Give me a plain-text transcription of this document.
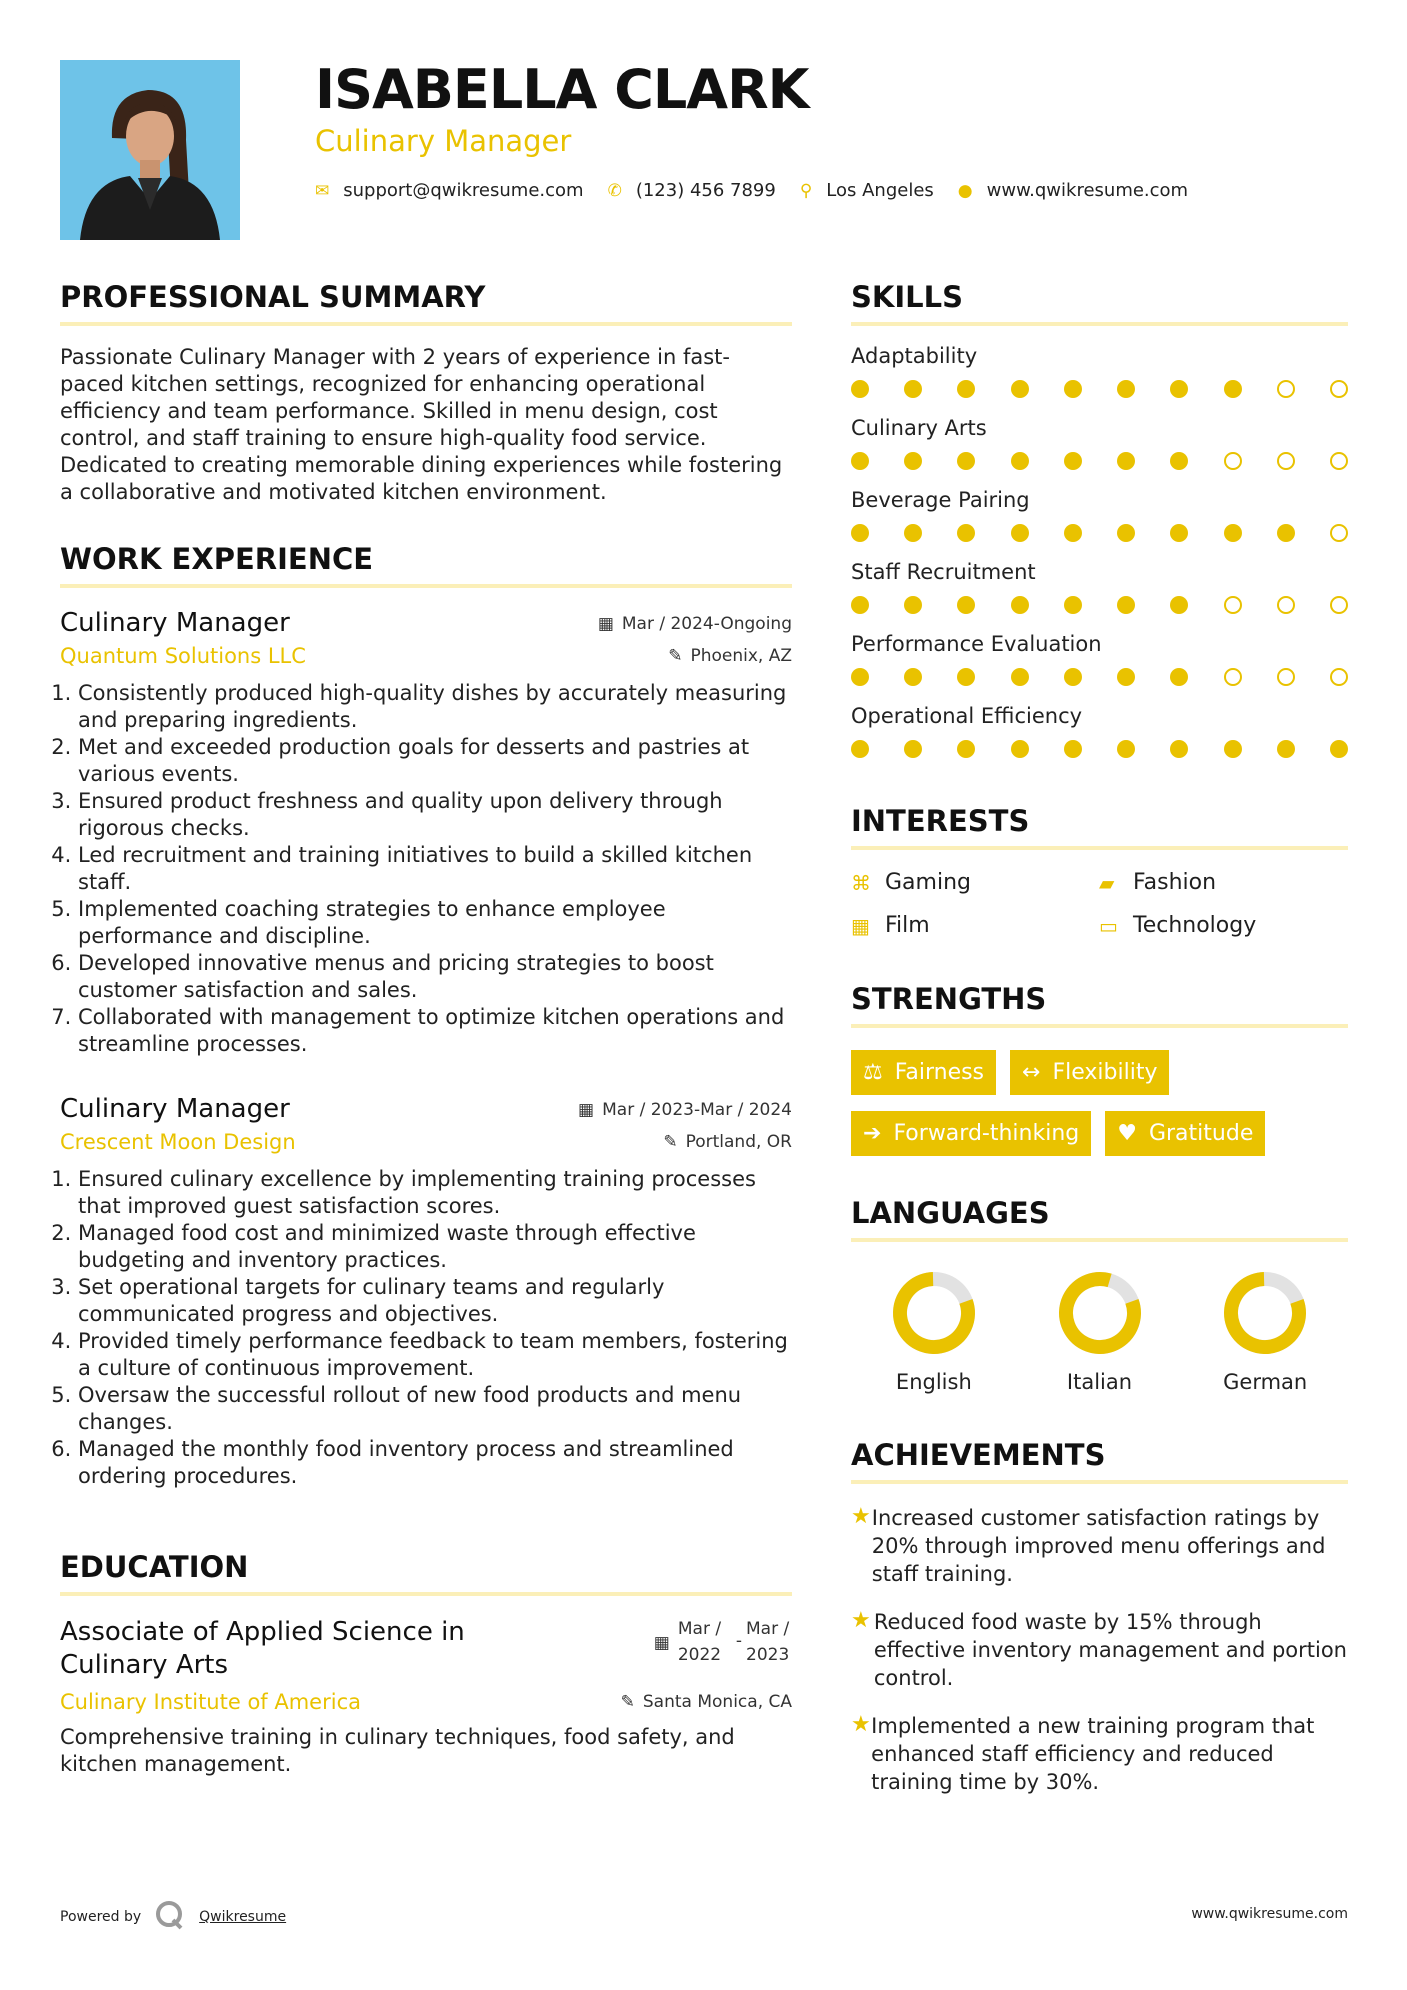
ISABELLA CLARK
Culinary Manager
✉ support@qwikresume.com ✆ (123) 456 7899 ⚲ Los Angeles ● www.qwikresume.com
PROFESSIONAL SUMMARY
Passionate Culinary Manager with 2 years of experience in fast-paced kitchen settings, recognized for enhancing operational efficiency and team performance. Skilled in menu design, cost control, and staff training to ensure high-quality food service. Dedicated to creating memorable dining experiences while fostering a collaborative and motivated kitchen environment.
WORK EXPERIENCE
Culinary Manager	▦ Mar / 2024-Ongoing
Quantum Solutions LLC	✎ Phoenix, AZ
1. Consistently produced high-quality dishes by accurately measuring and preparing ingredients.
2. Met and exceeded production goals for desserts and pastries at various events.
3. Ensured product freshness and quality upon delivery through rigorous checks.
4. Led recruitment and training initiatives to build a skilled kitchen staff.
5. Implemented coaching strategies to enhance employee performance and discipline.
6. Developed innovative menus and pricing strategies to boost customer satisfaction and sales.
7. Collaborated with management to optimize kitchen operations and streamline processes.
Culinary Manager	▦ Mar / 2023-Mar / 2024
Crescent Moon Design	✎ Portland, OR
1. Ensured culinary excellence by implementing training processes that improved guest satisfaction scores.
2. Managed food cost and minimized waste through effective budgeting and inventory practices.
3. Set operational targets for culinary teams and regularly communicated progress and objectives.
4. Provided timely performance feedback to team members, fostering a culture of continuous improvement.
5. Oversaw the successful rollout of new food products and menu changes.
6. Managed the monthly food inventory process and streamlined ordering procedures.
EDUCATION
Associate of Applied Science in Culinary Arts
▦
Mar / 2022
-
Mar / 2023
Culinary Institute of America	✎ Santa Monica, CA
Comprehensive training in culinary techniques, food safety, and kitchen management.
SKILLS
Adaptability
Culinary Arts
Beverage Pairing
Staff Recruitment
Performance Evaluation
Operational Efficiency
INTERESTS
⌘ Gaming	▰ Fashion
▦ Film	▭ Technology
STRENGTHS
⚖ Fairness ↔ Flexibility
➔ Forward-thinking ♥ Gratitude
LANGUAGES
English	Italian	German
ACHIEVEMENTS
★ Increased customer satisfaction ratings by 20% through improved menu offerings and staff training.
★ Reduced food waste by 15% through effective inventory management and portion control.
★ Implemented a new training program that enhanced staff efficiency and reduced training time by 30%.
Powered by	Qwikresume	www.qwikresume.com
